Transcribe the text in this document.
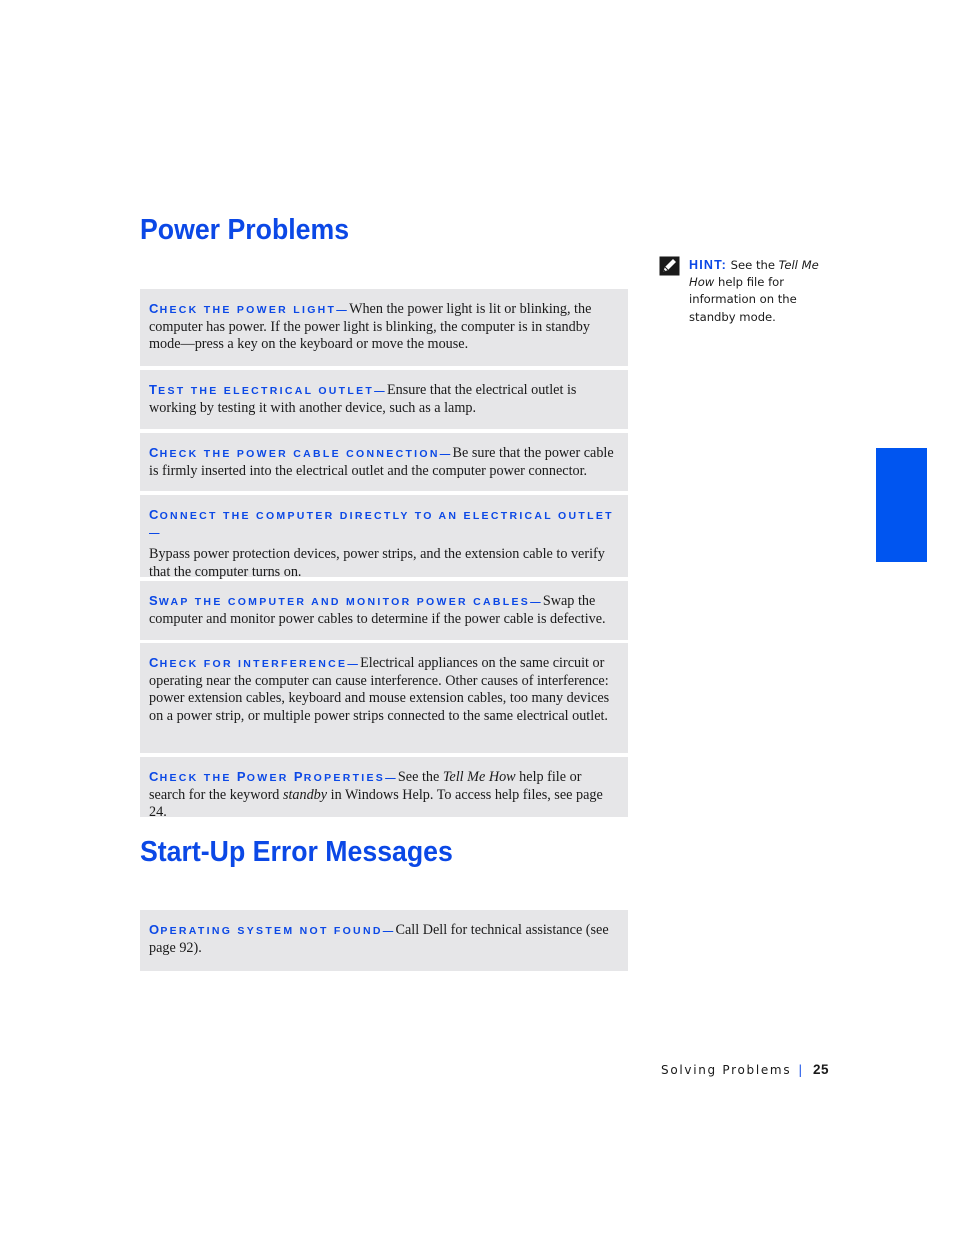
Power Problems
CHECK THE POWER LIGHT—When the power light is lit or blinking, the computer has power. If the power light is blinking, the computer is in standby mode—press a key on the keyboard or move the mouse.
TEST THE ELECTRICAL OUTLET—Ensure that the electrical outlet is working by testing it with another device, such as a lamp.
CHECK THE POWER CABLE CONNECTION—Be sure that the power cable is firmly inserted into the electrical outlet and the computer power connector.
CONNECT THE COMPUTER DIRECTLY TO AN ELECTRICAL OUTLET—
Bypass power protection devices, power strips, and the extension cable to verify that the computer turns on.
SWAP THE COMPUTER AND MONITOR POWER CABLES—Swap the computer and monitor power cables to determine if the power cable is defective.
CHECK FOR INTERFERENCE—Electrical appliances on the same circuit or operating near the computer can cause interference. Other causes of interference: power extension cables, keyboard and mouse extension cables, too many devices on a power strip, or multiple power strips connected to the same electrical outlet.
CHECK THE POWER PROPERTIES—See the Tell Me How help file or search for the keyword standby in Windows Help. To access help files, see page 24.
Start-Up Error Messages
OPERATING SYSTEM NOT FOUND—Call Dell for technical assistance (see page 92).
HINT: See the Tell Me How help file for information on the standby mode.
Solving Problems | 25
